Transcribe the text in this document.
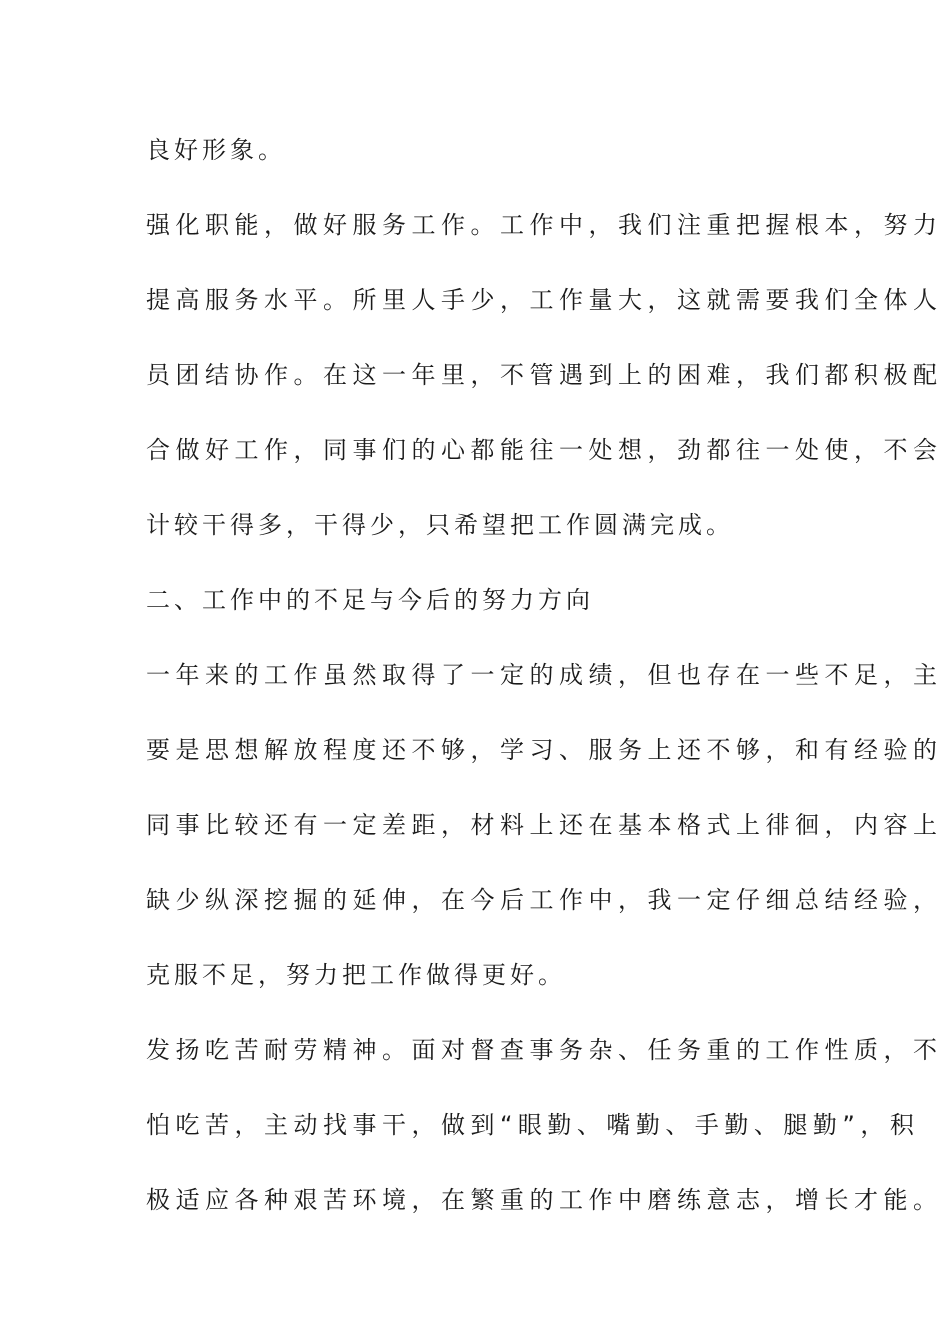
良好形象。
强化职能，做好服务工作。工作中，我们注重把握根本，努力
提高服务水平。所里人手少，工作量大，这就需要我们全体人
员团结协作。在这一年里，不管遇到上的困难，我们都积极配
合做好工作，同事们的心都能往一处想，劲都往一处使，不会
计较干得多，干得少，只希望把工作圆满完成。
二、工作中的不足与今后的努力方向
一年来的工作虽然取得了一定的成绩，但也存在一些不足，主
要是思想解放程度还不够，学习、服务上还不够，和有经验的
同事比较还有一定差距，材料上还在基本格式上徘徊，内容上
缺少纵深挖掘的延伸，在今后工作中，我一定仔细总结经验，
克服不足，努力把工作做得更好。
发扬吃苦耐劳精神。面对督查事务杂、任务重的工作性质，不
怕吃苦，主动找事干，做到“眼勤、嘴勤、手勤、腿勤”，积
极适应各种艰苦环境，在繁重的工作中磨练意志，增长才能。
